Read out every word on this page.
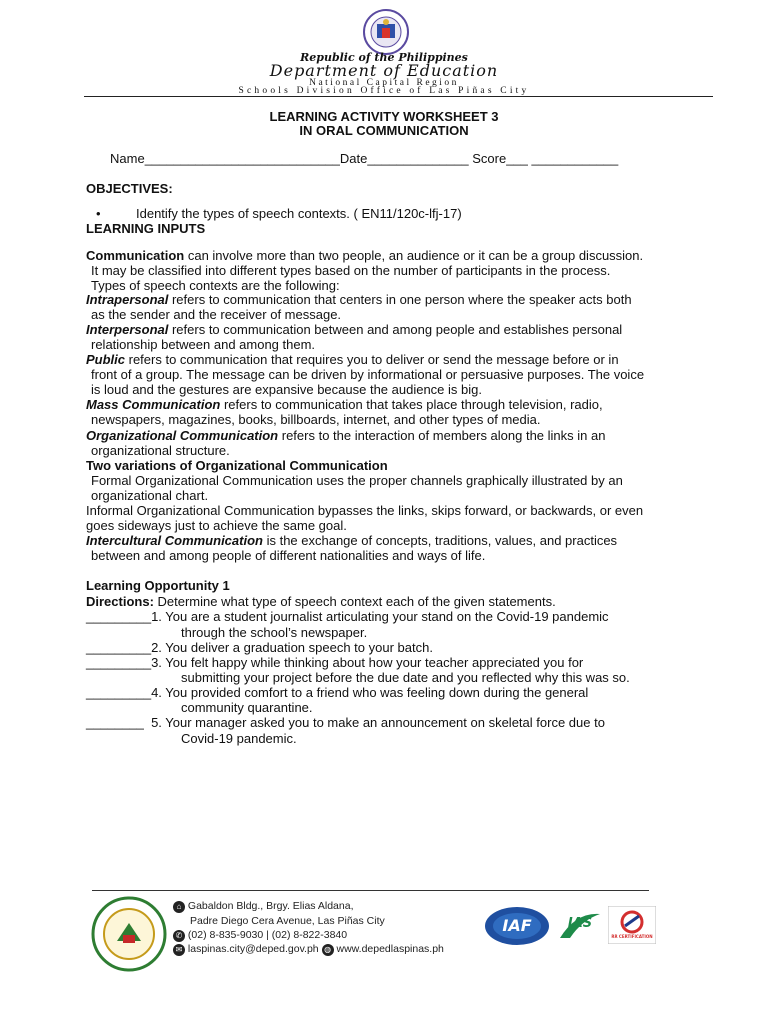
Republic of the Philippines
Department of Education
National Capital Region
Schools Division Office of Las Piñas City
LEARNING ACTIVITY WORKSHEET 3
IN ORAL COMMUNICATION
Name___________________________Date______________ Score___ ____________
OBJECTIVES:
•	Identify the types of speech contexts. ( EN11/120c-lfj-17)
LEARNING INPUTS
Communication can involve more than two people, an audience or it can be a group discussion.
It may be classified into different types based on the number of participants in the process.
Types of speech contexts are the following:
Intrapersonal refers to communication that centers in one person where the speaker acts both
as the sender and the receiver of message.
Interpersonal refers to communication between and among people and establishes personal
relationship between and among them.
Public refers to communication that requires you to deliver or send the message before or in
front of a group. The message can be driven by informational or persuasive purposes. The voice
is loud and the gestures are expansive because the audience is big.
Mass Communication refers to communication that takes place through television, radio,
newspapers, magazines, books, billboards, internet, and other types of media.
Organizational Communication refers to the interaction of members along the links in an
organizational structure.
Two variations of Organizational Communication
Formal Organizational Communication uses the proper channels graphically illustrated by an
organizational chart.
Informal Organizational Communication bypasses the links, skips forward, or backwards, or even
goes sideways just to achieve the same goal.
Intercultural Communication is the exchange of concepts, traditions, values, and practices
between and among people of different nationalities and ways of life.
Learning Opportunity 1
Directions: Determine what type of speech context each of the given statements.
_________1. You are a student journalist articulating your stand on the Covid-19 pandemic
through the school’s newspaper.
_________2. You deliver a graduation speech to your batch.
_________3. You felt happy while thinking about how your teacher appreciated you for
submitting your project before the due date and you reflected why this was so.
_________4. You provided comfort to a friend who was feeling down during the general
community quarantine.
________  5. Your manager asked you to make an announcement on skeletal force due to
Covid-19 pandemic.
⌂ Gabaldon Bldg., Brgy. Elias Aldana,
Padre Diego Cera Avenue, Las Piñas City
✆ (02) 8-835-9030 | (02) 8-822-3840
✉ laspinas.city@deped.gov.ph ◍ www.depedlaspinas.ph
IAF	IAS
RR CERTIFICATION
